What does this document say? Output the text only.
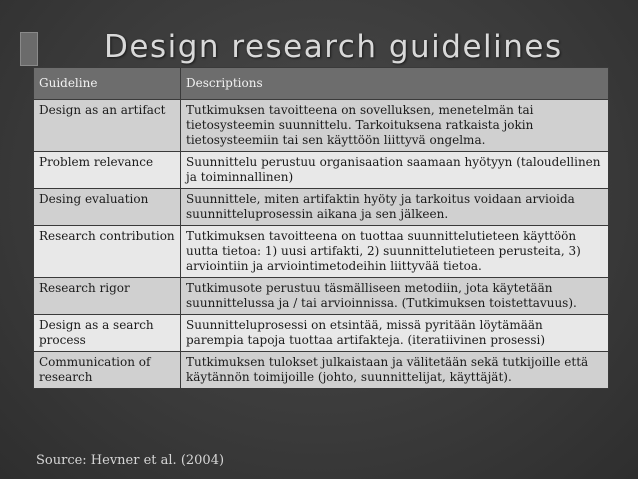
Design research guidelines
Guideline	Descriptions
Design as an artifact	Tutkimuksen tavoitteena on sovelluksen, menetelmän tai tietosysteemin suunnittelu. Tarkoituksena ratkaista jokin tietosysteemiin tai sen käyttöön liittyvä ongelma.
Problem relevance	Suunnittelu perustuu organisaation saamaan hyötyyn (taloudellinen ja toiminnallinen)
Desing evaluation	Suunnittele, miten artifaktin hyöty ja tarkoitus voidaan arvioida suunnitteluprosessin aikana ja sen jälkeen.
Research contribution	Tutkimuksen tavoitteena on tuottaa suunnittelutieteen käyttöön uutta tietoa: 1) uusi artifakti, 2) suunnittelutieteen perusteita, 3) arviointiin ja arviointimetodeihin liittyvää tietoa.
Research rigor	Tutkimusote perustuu täsmälliseen metodiin, jota käytetään suunnittelussa ja / tai arvioinnissa. (Tutkimuksen toistettavuus).
Design as a search process	Suunnitteluprosessi on etsintää, missä pyritään löytämään parempia tapoja tuottaa artifakteja. (iteratiivinen prosessi)
Communication of research	Tutkimuksen tulokset julkaistaan ja välitetään sekä tutkijoille että käytännön toimijoille (johto, suunnittelijat, käyttäjät).
Source: Hevner et al. (2004)
